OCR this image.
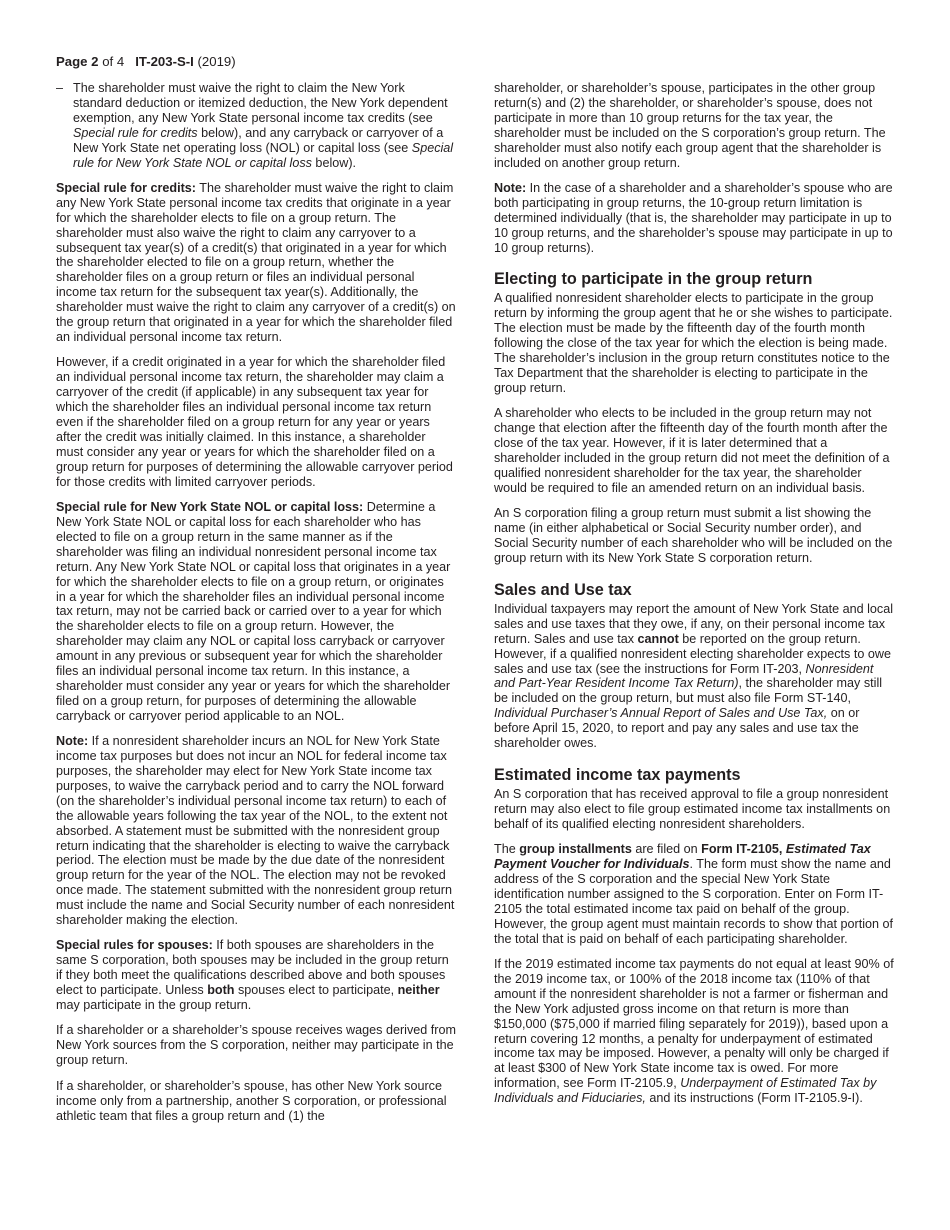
Page 2 of 4 IT-203-S-I (2019)

– The shareholder must waive the right to claim the New York standard deduction or itemized deduction, the New York dependent exemption, any New York State personal income tax credits (see Special rule for credits below), and any carryback or carryover of a New York State net operating loss (NOL) or capital loss (see Special rule for New York State NOL or capital loss below).

Special rule for credits: The shareholder must waive the right to claim any New York State personal income tax credits that originate in a year for which the shareholder elects to file on a group return. The shareholder must also waive the right to claim any carryover to a subsequent tax year(s) of a credit(s) that originated in a year for which the shareholder elected to file on a group return, whether the shareholder files on a group return or files an individual personal income tax return for the subsequent tax year(s). Additionally, the shareholder must waive the right to claim any carryover of a credit(s) on the group return that originated in a year for which the shareholder filed an individual personal income tax return.

However, if a credit originated in a year for which the shareholder filed an individual personal income tax return, the shareholder may claim a carryover of the credit (if applicable) in any subsequent tax year for which the shareholder files an individual personal income tax return even if the shareholder filed on a group return for any year or years after the credit was initially claimed. In this instance, a shareholder must consider any year or years for which the shareholder filed on a group return for purposes of determining the allowable carryover period for those credits with limited carryover periods.

Special rule for New York State NOL or capital loss: Determine a New York State NOL or capital loss for each shareholder who has elected to file on a group return in the same manner as if the shareholder was filing an individual nonresident personal income tax return. Any New York State NOL or capital loss that originates in a year for which the shareholder elects to file on a group return, or originates in a year for which the shareholder files an individual personal income tax return, may not be carried back or carried over to a year for which the shareholder elects to file on a group return. However, the shareholder may claim any NOL or capital loss carryback or carryover amount in any previous or subsequent year for which the shareholder files an individual personal income tax return. In this instance, a shareholder must consider any year or years for which the shareholder filed on a group return, for purposes of determining the allowable carryback or carryover period applicable to an NOL.

Note: If a nonresident shareholder incurs an NOL for New York State income tax purposes but does not incur an NOL for federal income tax purposes, the shareholder may elect for New York State income tax purposes, to waive the carryback period and to carry the NOL forward (on the shareholder’s individual personal income tax return) to each of the allowable years following the tax year of the NOL, to the extent not absorbed. A statement must be submitted with the nonresident group return indicating that the shareholder is electing to waive the carryback period. The election must be made by the due date of the nonresident group return for the year of the NOL. The election may not be revoked once made. The statement submitted with the nonresident group return must include the name and Social Security number of each nonresident shareholder making the election.

Special rules for spouses: If both spouses are shareholders in the same S corporation, both spouses may be included in the group return if they both meet the qualifications described above and both spouses elect to participate. Unless both spouses elect to participate, neither may participate in the group return.

If a shareholder or a shareholder’s spouse receives wages derived from New York sources from the S corporation, neither may participate in the group return.

If a shareholder, or shareholder’s spouse, has other New York source income only from a partnership, another S corporation, or professional athletic team that files a group return and (1) the

shareholder, or shareholder’s spouse, participates in the other group return(s) and (2) the shareholder, or shareholder’s spouse, does not participate in more than 10 group returns for the tax year, the shareholder must be included on the S corporation’s group return. The shareholder must also notify each group agent that the shareholder is included on another group return.

Note: In the case of a shareholder and a shareholder’s spouse who are both participating in group returns, the 10-group return limitation is determined individually (that is, the shareholder may participate in up to 10 group returns, and the shareholder’s spouse may participate in up to 10 group returns).

Electing to participate in the group return

A qualified nonresident shareholder elects to participate in the group return by informing the group agent that he or she wishes to participate. The election must be made by the fifteenth day of the fourth month following the close of the tax year for which the election is being made. The shareholder’s inclusion in the group return constitutes notice to the Tax Department that the shareholder is electing to participate in the group return.

A shareholder who elects to be included in the group return may not change that election after the fifteenth day of the fourth month after the close of the tax year. However, if it is later determined that a shareholder included in the group return did not meet the definition of a qualified nonresident shareholder for the tax year, the shareholder would be required to file an amended return on an individual basis.

An S corporation filing a group return must submit a list showing the name (in either alphabetical or Social Security number order), and Social Security number of each shareholder who will be included on the group return with its New York State S corporation return.

Sales and Use tax

Individual taxpayers may report the amount of New York State and local sales and use taxes that they owe, if any, on their personal income tax return. Sales and use tax cannot be reported on the group return. However, if a qualified nonresident electing shareholder expects to owe sales and use tax (see the instructions for Form IT-203, Nonresident and Part-Year Resident Income Tax Return), the shareholder may still be included on the group return, but must also file Form ST-140, Individual Purchaser’s Annual Report of Sales and Use Tax, on or before April 15, 2020, to report and pay any sales and use tax the shareholder owes.

Estimated income tax payments

An S corporation that has received approval to file a group nonresident return may also elect to file group estimated income tax installments on behalf of its qualified electing nonresident shareholders.

The group installments are filed on Form IT-2105, Estimated Tax Payment Voucher for Individuals. The form must show the name and address of the S corporation and the special New York State identification number assigned to the S corporation. Enter on Form IT-2105 the total estimated income tax paid on behalf of the group. However, the group agent must maintain records to show that portion of the total that is paid on behalf of each participating shareholder.

If the 2019 estimated income tax payments do not equal at least 90% of the 2019 income tax, or 100% of the 2018 income tax (110% of that amount if the nonresident shareholder is not a farmer or fisherman and the New York adjusted gross income on that return is more than $150,000 ($75,000 if married filing separately for 2019)), based upon a return covering 12 months, a penalty for underpayment of estimated income tax may be imposed. However, a penalty will only be charged if at least $300 of New York State income tax is owed. For more information, see Form IT-2105.9, Underpayment of Estimated Tax by Individuals and Fiduciaries, and its instructions (Form IT-2105.9-I).
